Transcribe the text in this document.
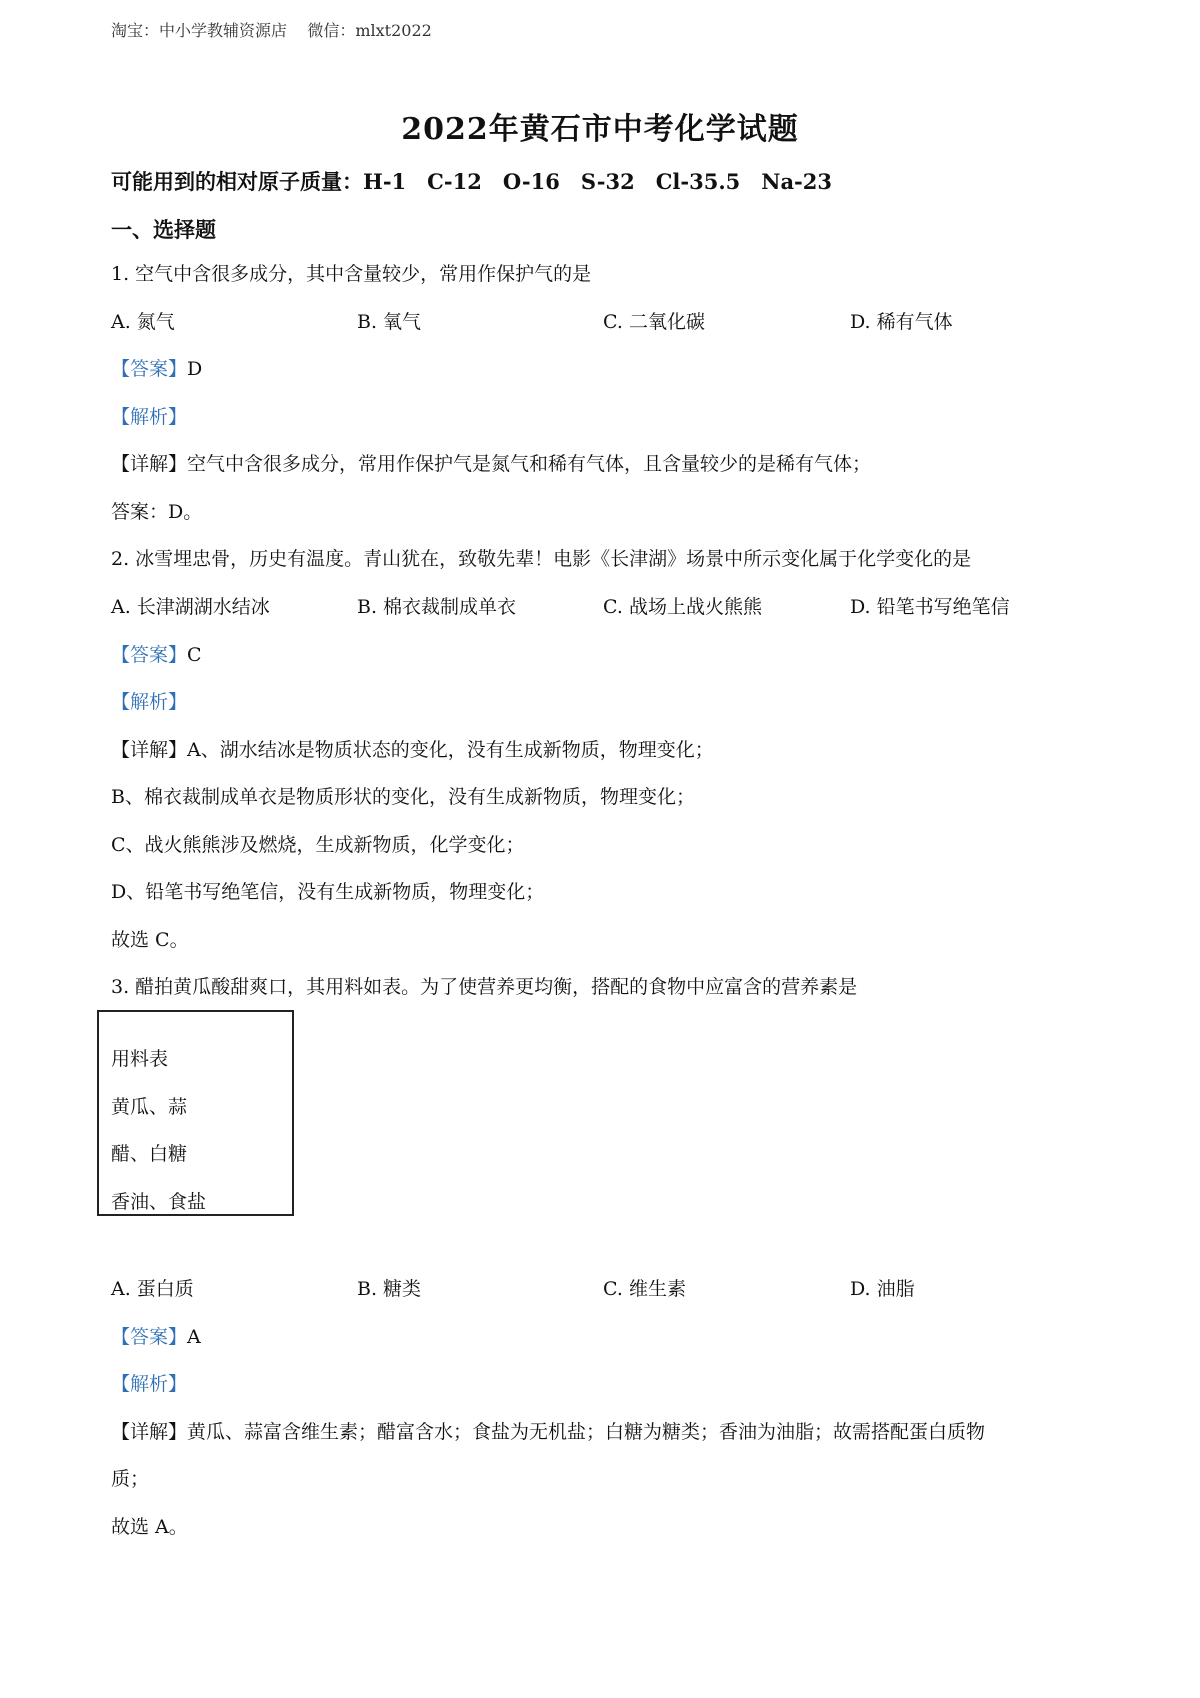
淘宝：中小学教辅资源店    微信：mlxt2022
2022年黄石市中考化学试题
可能用到的相对原子质量：H-1　C-12　O-16　S-32　Cl-35.5　Na-23
一、选择题
1. 空气中含很多成分，其中含量较少，常用作保护气的是
A. 氮气	B. 氧气	C. 二氧化碳	D. 稀有气体
【答案】D
【解析】
【详解】空气中含很多成分，常用作保护气是氮气和稀有气体，且含量较少的是稀有气体；
答案：D。
2. 冰雪埋忠骨，历史有温度。青山犹在，致敬先辈！电影《长津湖》场景中所示变化属于化学变化的是
A. 长津湖湖水结冰	B. 棉衣裁制成单衣	C. 战场上战火熊熊	D. 铅笔书写绝笔信
【答案】C
【解析】
【详解】A、湖水结冰是物质状态的变化，没有生成新物质，物理变化；
B、棉衣裁制成单衣是物质形状的变化，没有生成新物质，物理变化；
C、战火熊熊涉及燃烧，生成新物质，化学变化；
D、铅笔书写绝笔信，没有生成新物质，物理变化；
故选 C。
3. 醋拍黄瓜酸甜爽口，其用料如表。为了使营养更均衡，搭配的食物中应富含的营养素是
用料表
黄瓜、蒜
醋、白糖
香油、食盐
A. 蛋白质	B. 糖类	C. 维生素	D. 油脂
【答案】A
【解析】
【详解】黄瓜、蒜富含维生素；醋富含水；食盐为无机盐；白糖为糖类；香油为油脂；故需搭配蛋白质物
质；
故选 A。
